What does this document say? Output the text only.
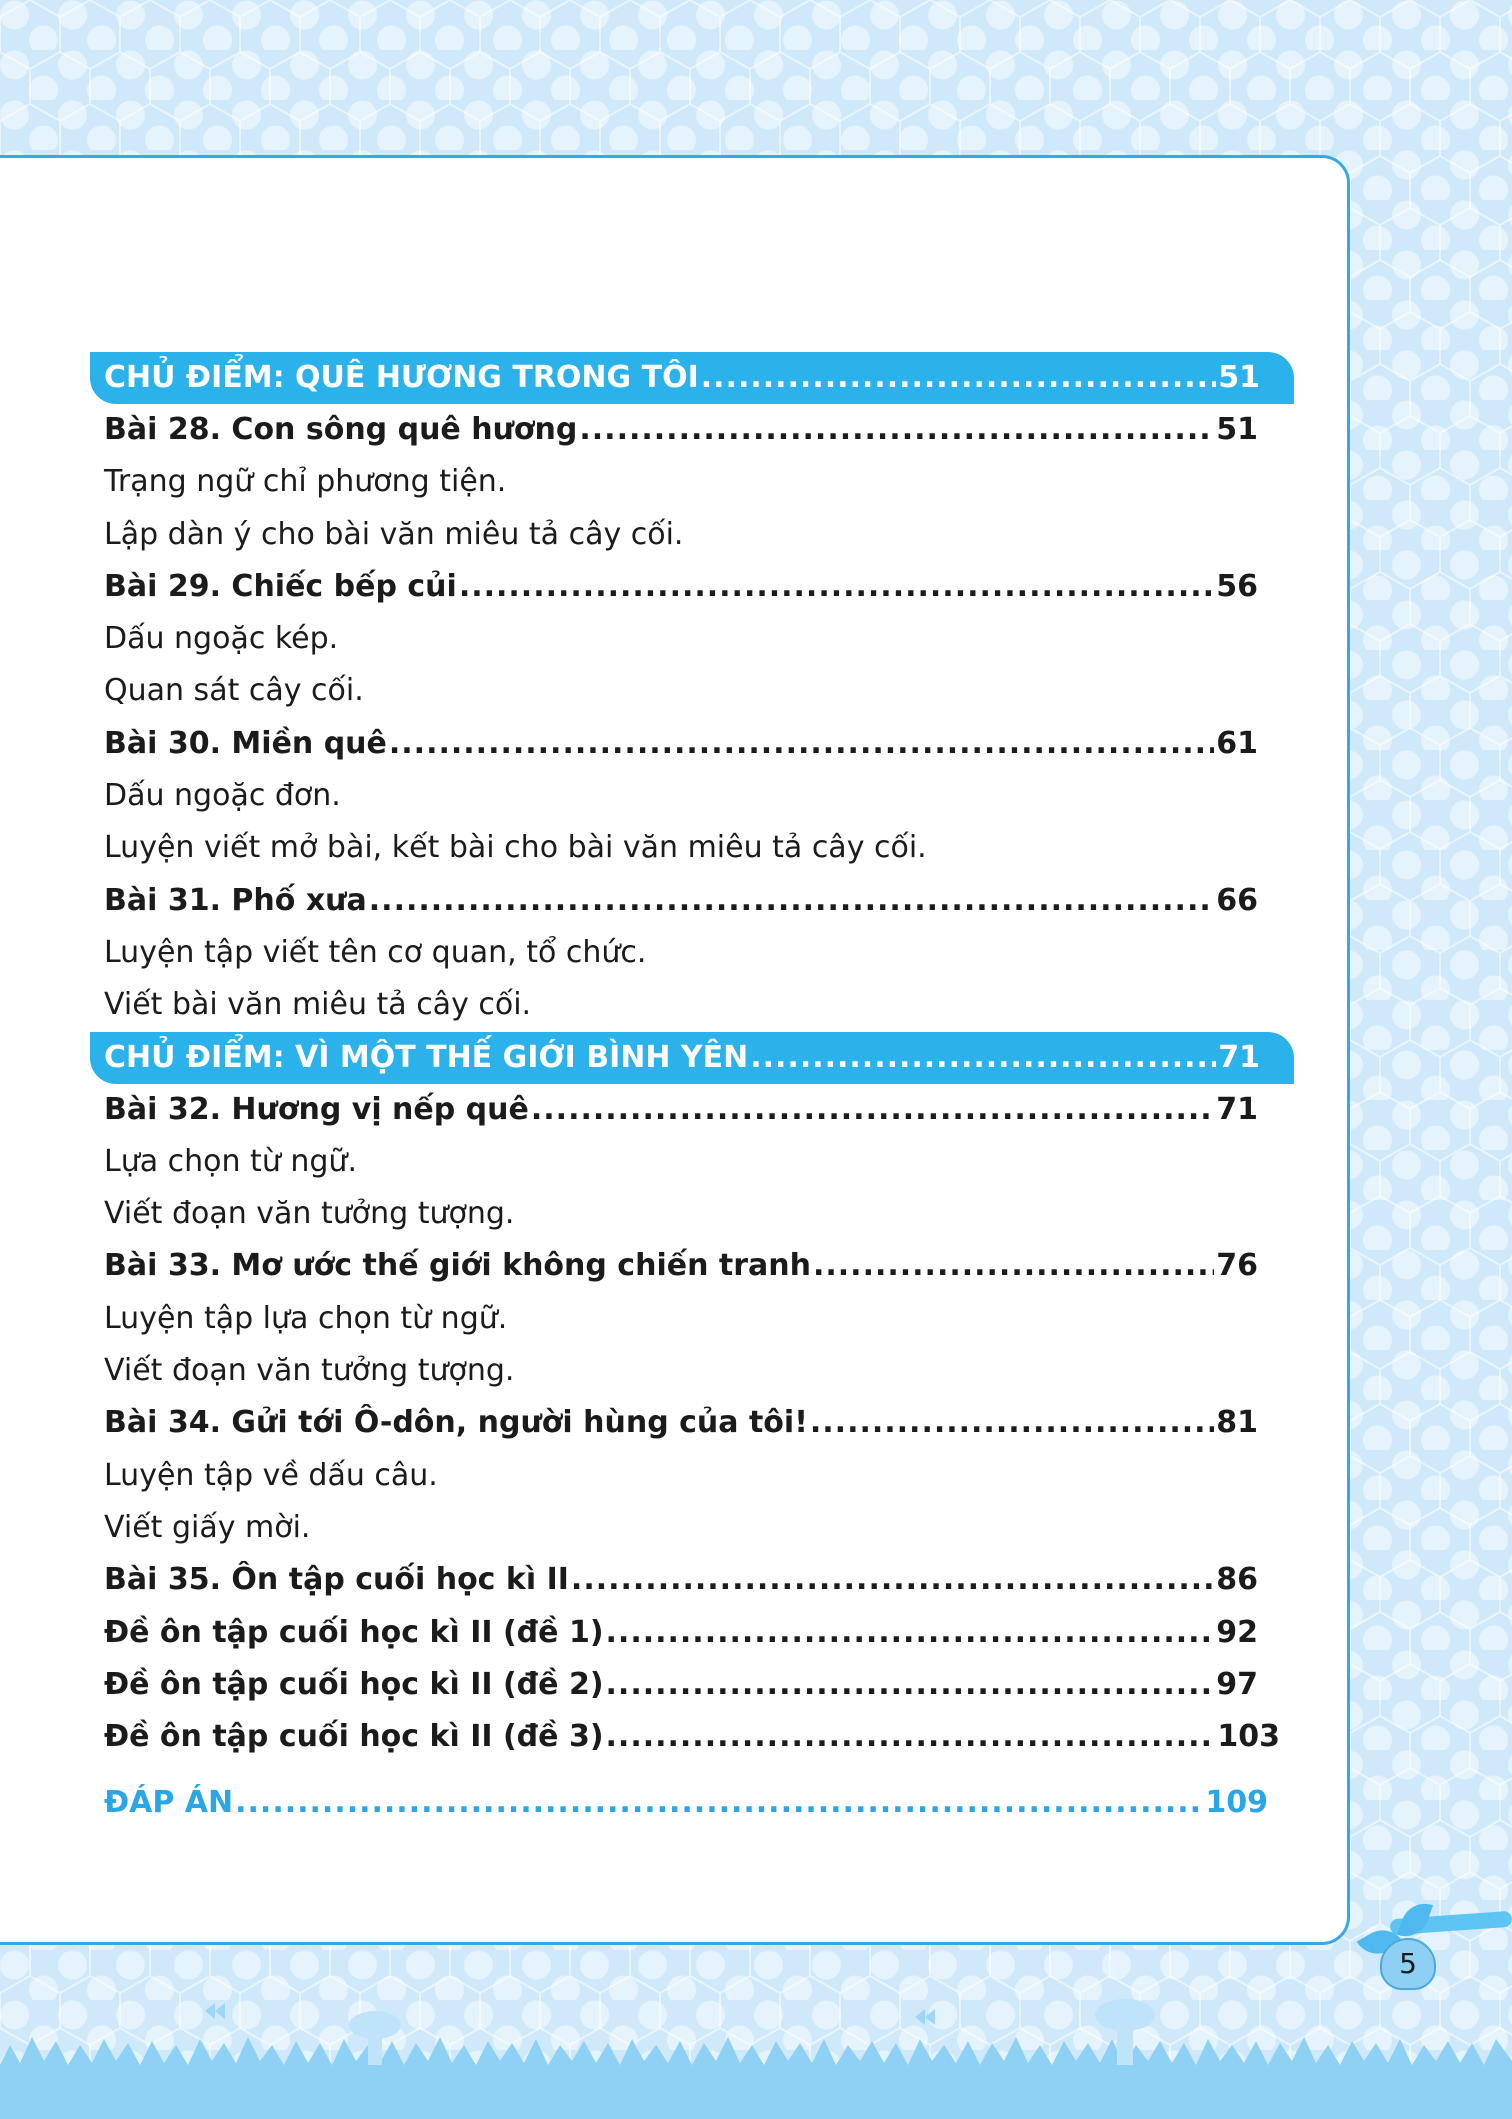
CHỦ ĐIỂM: QUÊ HƯƠNG TRONG TÔI .....	51
Bài 28. Con sông quê hương .....	51
Trạng ngữ chỉ phương tiện.
Lập dàn ý cho bài văn miêu tả cây cối.
Bài 29. Chiếc bếp củi .....	56
Dấu ngoặc kép.
Quan sát cây cối.
Bài 30. Miền quê .....	61
Dấu ngoặc đơn.
Luyện viết mở bài, kết bài cho bài văn miêu tả cây cối.
Bài 31. Phố xưa .....	66
Luyện tập viết tên cơ quan, tổ chức.
Viết bài văn miêu tả cây cối.
CHỦ ĐIỂM: VÌ MỘT THẾ GIỚI BÌNH YÊN .....	71
Bài 32. Hương vị nếp quê .....	71
Lựa chọn từ ngữ.
Viết đoạn văn tưởng tượng.
Bài 33. Mơ ước thế giới không chiến tranh .....	76
Luyện tập lựa chọn từ ngữ.
Viết đoạn văn tưởng tượng.
Bài 34. Gửi tới Ô-dôn, người hùng của tôi! .....	81
Luyện tập về dấu câu.
Viết giấy mời.
Bài 35. Ôn tập cuối học kì II .....	86
Đề ôn tập cuối học kì II (đề 1) .....	92
Đề ôn tập cuối học kì II (đề 2) .....	97
Đề ôn tập cuối học kì II (đề 3) .....	103
ĐÁP ÁN .....	109
5
